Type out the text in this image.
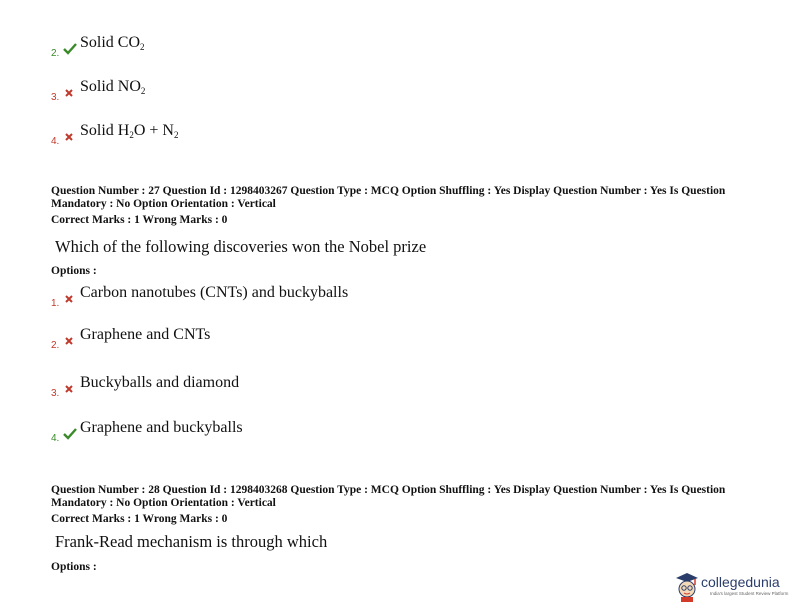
2.
Solid $CO_2$
3.
Solid $NO_2$
4.
Solid $H_2O + N_2$
Question Number : 27 Question Id : 1298403267 Question Type : MCQ Option Shuffling : Yes Display Question Number : Yes Is Question Mandatory : No Option Orientation : Vertical
Correct Marks : 1 Wrong Marks : 0
Which of the following discoveries won the Nobel prize
Options :
1.
Carbon nanotubes (CNTs) and buckyballs
2.
Graphene and CNTs
3.
Buckyballs and diamond
4.
Graphene and buckyballs
Question Number : 28 Question Id : 1298403268 Question Type : MCQ Option Shuffling : Yes Display Question Number : Yes Is Question Mandatory : No Option Orientation : Vertical
Correct Marks : 1 Wrong Marks : 0
Frank-Read mechanism is through which
Options :
collegedunia
India's largest Student Review Platform
